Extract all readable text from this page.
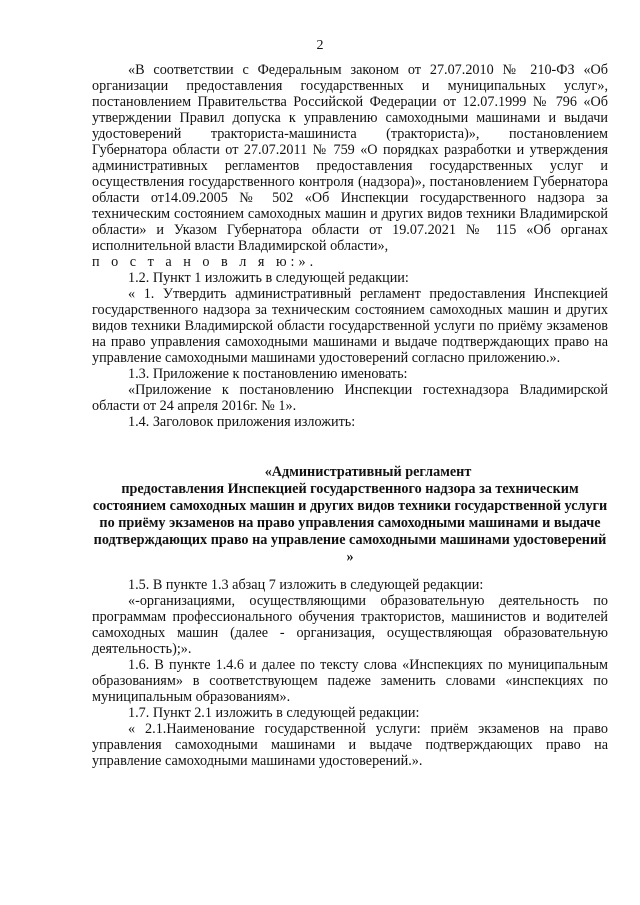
2

«В соответствии с Федеральным законом от 27.07.2010 № 210-ФЗ «Об организации предоставления государственных и муниципальных услуг», постановлением Правительства Российской Федерации от 12.07.1999 № 796 «Об утверждении Правил допуска к управлению самоходными машинами и выдачи удостоверений тракториста-машиниста (тракториста)», постановлением Губернатора области от 27.07.2011 № 759 «О порядках разработки и утверждения административных регламентов предоставления государственных услуг и осуществления государственного контроля (надзора)», постановлением Губернатора области от14.09.2005 № 502 «Об Инспекции государственного надзора за техническим состоянием самоходных машин и других видов техники Владимирской области» и Указом Губернатора области от 19.07.2021 № 115 «Об органах исполнительной власти Владимирской области»,

п о с т а н о в л я ю:».

1.2. Пункт 1 изложить в следующей редакции:

« 1. Утвердить административный регламент предоставления Инспекцией государственного надзора за техническим состоянием самоходных машин и других видов техники Владимирской области государственной услуги по приёму экзаменов на право управления самоходными машинами и выдаче подтверждающих право на управление самоходными машинами удостоверений согласно приложению.».

1.3. Приложение к постановлению именовать:

«Приложение к постановлению Инспекции гостехнадзора Владимирской области от 24 апреля 2016г. № 1».

1.4. Заголовок приложения изложить:

«Административный регламент

предоставления Инспекцией государственного надзора за техническим состоянием самоходных машин и других видов техники государственной услуги по приёму экзаменов на право управления самоходными машинами и выдаче подтверждающих право на управление самоходными машинами удостоверений »

1.5. В пункте 1.3 абзац 7 изложить в следующей редакции:

«-организациями, осуществляющими образовательную деятельность по программам профессионального обучения трактористов, машинистов и водителей самоходных машин (далее - организация, осуществляющая образовательную деятельность);».

1.6. В пункте 1.4.6 и далее по тексту слова «Инспекциях по муниципальным образованиям» в соответствующем падеже заменить словами «инспекциях по муниципальным образованиям».

1.7. Пункт 2.1 изложить в следующей редакции:

« 2.1.Наименование государственной услуги: приём экзаменов на право управления самоходными машинами и выдаче подтверждающих право на управление самоходными машинами удостоверений.».
